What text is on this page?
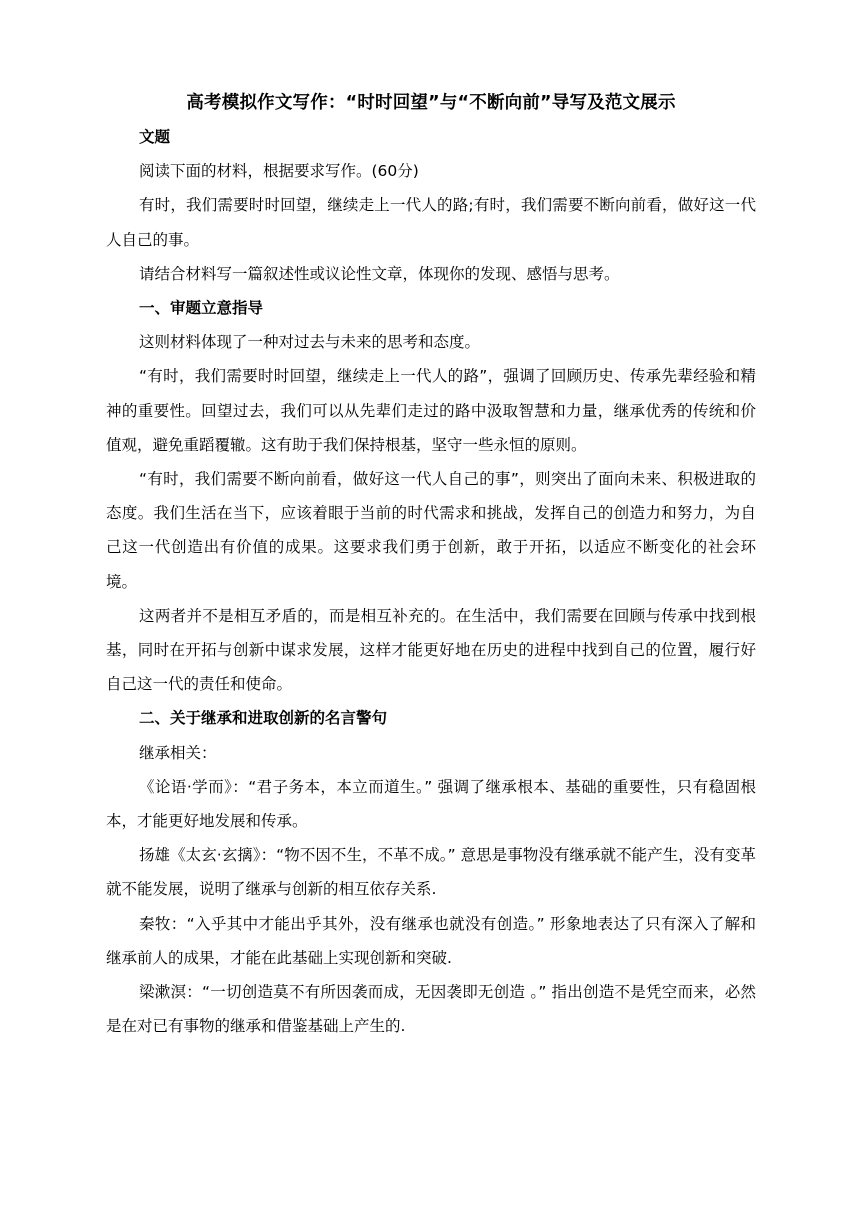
高考模拟作文写作：“时时回望”与“不断向前”导写及范文展示

文题

阅读下面的材料，根据要求写作。(60分)

有时，我们需要时时回望，继续走上一代人的路;有时，我们需要不断向前看，做好这一代人自己的事。

请结合材料写一篇叙述性或议论性文章，体现你的发现、感悟与思考。

一、审题立意指导

这则材料体现了一种对过去与未来的思考和态度。

“有时，我们需要时时回望，继续走上一代人的路”，强调了回顾历史、传承先辈经验和精神的重要性。回望过去，我们可以从先辈们走过的路中汲取智慧和力量，继承优秀的传统和价值观，避免重蹈覆辙。这有助于我们保持根基，坚守一些永恒的原则。

“有时，我们需要不断向前看，做好这一代人自己的事”，则突出了面向未来、积极进取的态度。我们生活在当下，应该着眼于当前的时代需求和挑战，发挥自己的创造力和努力，为自己这一代创造出有价值的成果。这要求我们勇于创新，敢于开拓，以适应不断变化的社会环境。

这两者并不是相互矛盾的，而是相互补充的。在生活中，我们需要在回顾与传承中找到根基，同时在开拓与创新中谋求发展，这样才能更好地在历史的进程中找到自己的位置，履行好自己这一代的责任和使命。

二、关于继承和进取创新的名言警句

继承相关：

《论语·学而》：“君子务本，本立而道生。” 强调了继承根本、基础的重要性，只有稳固根本，才能更好地发展和传承。

扬雄《太玄·玄摛》：“物不因不生，不革不成。” 意思是事物没有继承就不能产生，没有变革就不能发展，说明了继承与创新的相互依存关系.

秦牧：“入乎其中才能出乎其外，没有继承也就没有创造。” 形象地表达了只有深入了解和继承前人的成果，才能在此基础上实现创新和突破.

梁漱溟：“一切创造莫不有所因袭而成，无因袭即无创造 。” 指出创造不是凭空而来，必然是在对已有事物的继承和借鉴基础上产生的.
